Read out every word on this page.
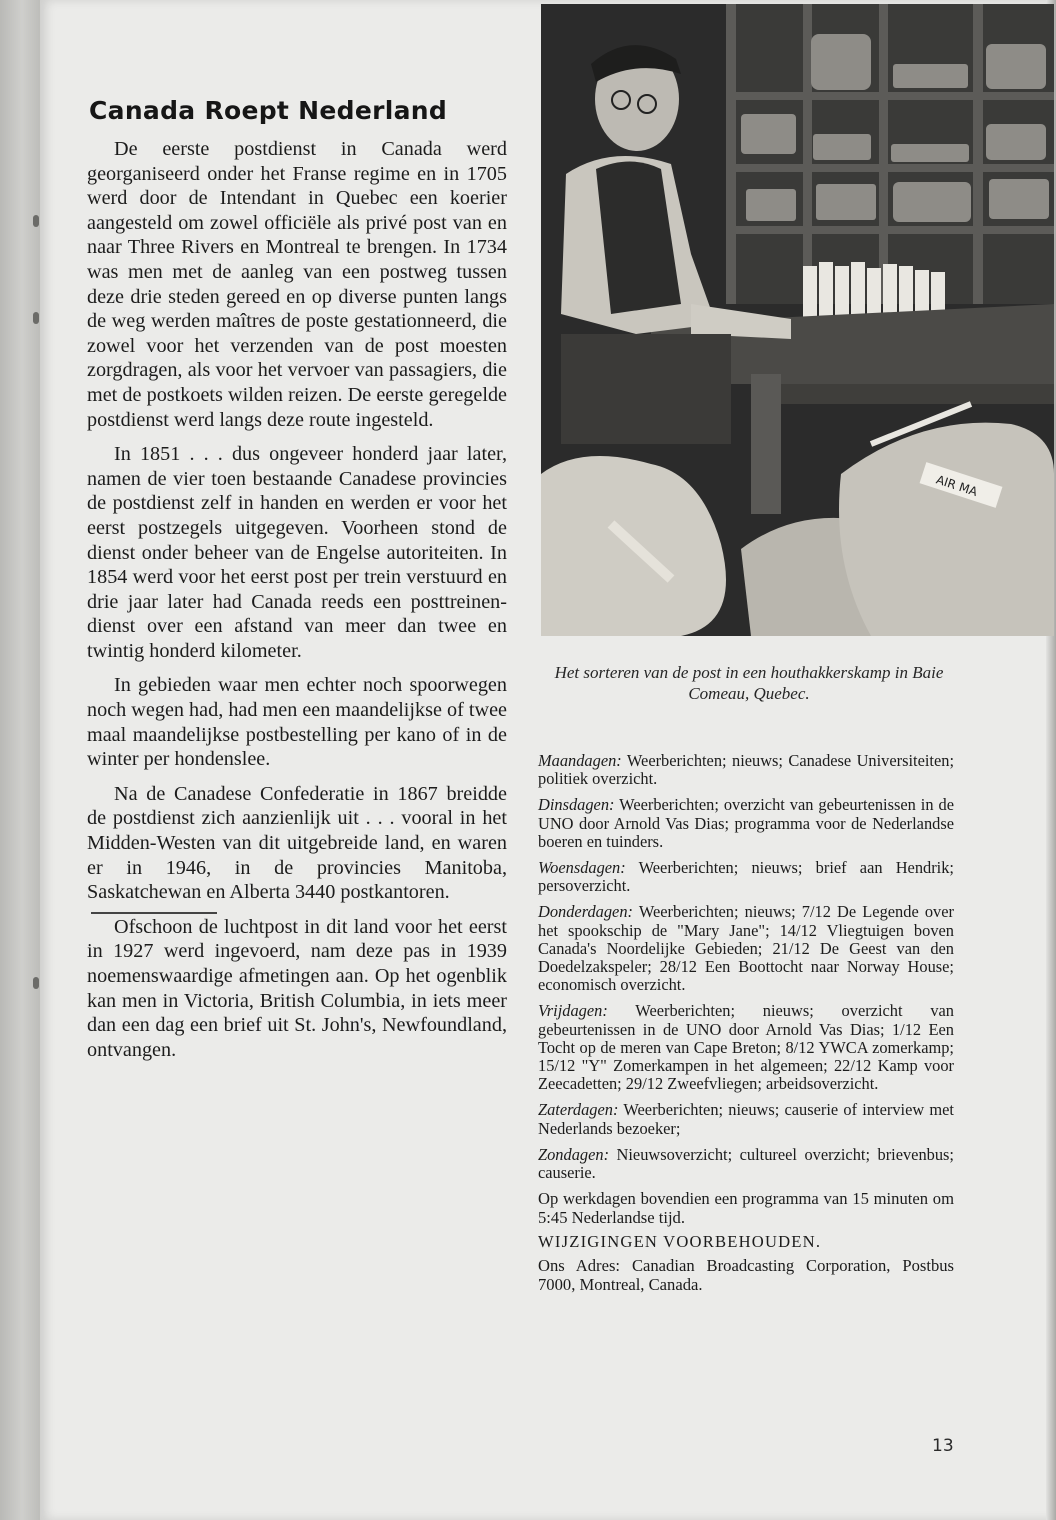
Canada Roept Nederland

De eerste postdienst in Canada werd georganiseerd onder het Franse regime en in 1705 werd door de Intendant in Quebec een koerier aangesteld om zowel officiële als privé post van en naar Three Rivers en Montreal te brengen. In 1734 was men met de aanleg van een postweg tussen deze drie steden gereed en op diverse punten langs de weg werden maîtres de poste gestationneerd, die zowel voor het verzenden van de post moesten zorgdragen, als voor het vervoer van passagiers, die met de postkoets wilden reizen. De eerste geregelde postdienst werd langs deze route ingesteld.

In 1851 . . . dus ongeveer honderd jaar later, namen de vier toen bestaande Canadese provincies de postdienst zelf in handen en werden er voor het eerst postzegels uitgegeven. Voorheen stond de dienst onder beheer van de Engelse autoriteiten. In 1854 werd voor het eerst post per trein verstuurd en drie jaar later had Canada reeds een posttreinen-dienst over een afstand van meer dan twee en twintig honderd kilometer.

In gebieden waar men echter noch spoorwegen noch wegen had, had men een maandelijkse of twee maal maandelijkse postbestelling per kano of in de winter per hondenslee.

Na de Canadese Confederatie in 1867 breidde de postdienst zich aanzienlijk uit . . . vooral in het Midden-Westen van dit uitgebreide land, en waren er in 1946, in de provincies Manitoba, Saskatchewan en Alberta 3440 postkantoren.

Ofschoon de luchtpost in dit land voor het eerst in 1927 werd ingevoerd, nam deze pas in 1939 noemenswaardige afmetingen aan. Op het ogenblik kan men in Victoria, British Columbia, in iets meer dan een dag een brief uit St. John's, Newfoundland, ontvangen.

AIR MA
Het sorteren van de post in een houthakkerskamp in Baie Comeau, Quebec.

Maandagen: Weerberichten; nieuws; Canadese Universiteiten; politiek overzicht.

Dinsdagen: Weerberichten; overzicht van gebeurtenissen in de UNO door Arnold Vas Dias; programma voor de Nederlandse boeren en tuinders.

Woensdagen: Weerberichten; nieuws; brief aan Hendrik; persoverzicht.

Donderdagen: Weerberichten; nieuws; 7/12 De Legende over het spookschip de "Mary Jane"; 14/12 Vliegtuigen boven Canada's Noordelijke Gebieden; 21/12 De Geest van den Doedelzakspeler; 28/12 Een Boottocht naar Norway House; economisch overzicht.

Vrijdagen: Weerberichten; nieuws; overzicht van gebeurtenissen in de UNO door Arnold Vas Dias; 1/12 Een Tocht op de meren van Cape Breton; 8/12 YWCA zomerkamp; 15/12 "Y" Zomerkampen in het algemeen; 22/12 Kamp voor Zeecadetten; 29/12 Zweefvliegen; arbeidsoverzicht.

Zaterdagen: Weerberichten; nieuws; causerie of interview met Nederlands bezoeker;

Zondagen: Nieuwsoverzicht; cultureel overzicht; brievenbus; causerie.

Op werkdagen bovendien een programma van 15 minuten om 5:45 Nederlandse tijd.

WIJZIGINGEN VOORBEHOUDEN.

Ons Adres: Canadian Broadcasting Corporation, Postbus 7000, Montreal, Canada.

13
